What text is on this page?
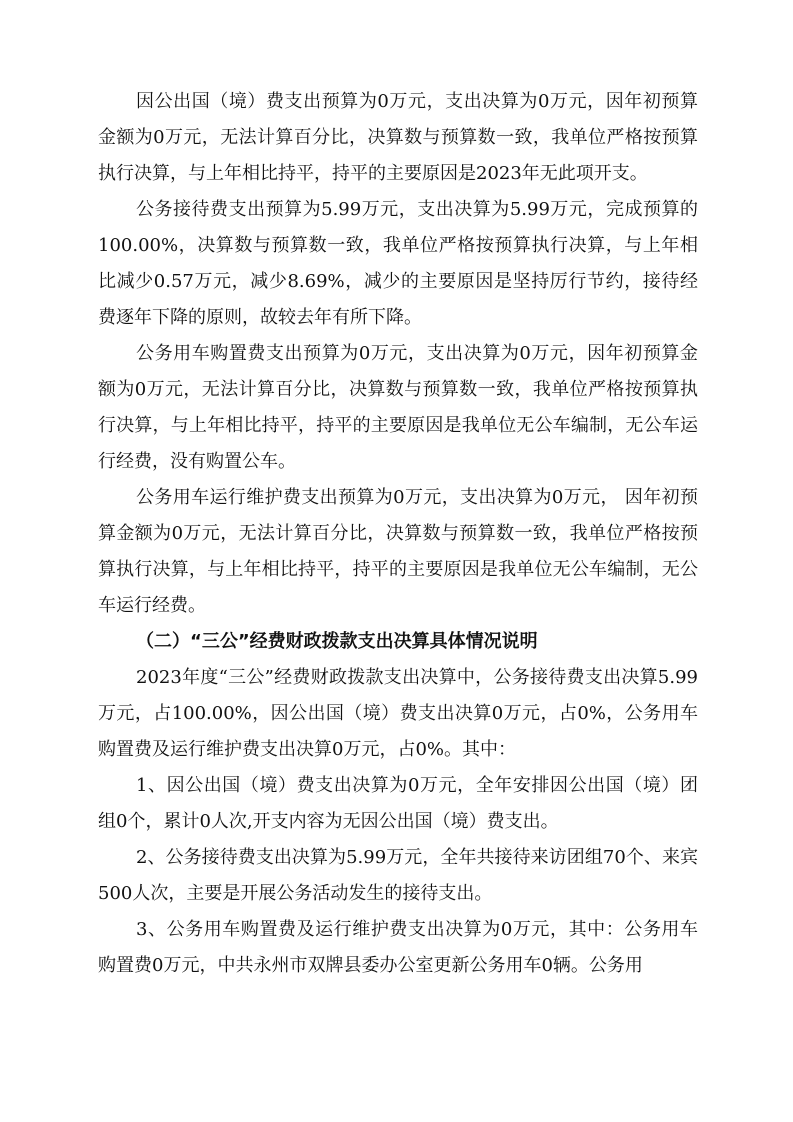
因公出国（境）费支出预算为0万元，支出决算为0万元，因年初预算金额为0万元，无法计算百分比，决算数与预算数一致，我单位严格按预算执行决算，与上年相比持平，持平的主要原因是2023年无此项开支。

公务接待费支出预算为5.99万元，支出决算为5.99万元，完成预算的100.00%，决算数与预算数一致，我单位严格按预算执行决算，与上年相比减少0.57万元，减少8.69%，减少的主要原因是坚持厉行节约，接待经费逐年下降的原则，故较去年有所下降。

公务用车购置费支出预算为0万元，支出决算为0万元，因年初预算金额为0万元，无法计算百分比，决算数与预算数一致，我单位严格按预算执行决算，与上年相比持平，持平的主要原因是我单位无公车编制，无公车运行经费，没有购置公车。

公务用车运行维护费支出预算为0万元，支出决算为0万元， 因年初预算金额为0万元，无法计算百分比，决算数与预算数一致，我单位严格按预算执行决算，与上年相比持平，持平的主要原因是我单位无公车编制，无公车运行经费。

（二）“三公”经费财政拨款支出决算具体情况说明

2023年度“三公”经费财政拨款支出决算中，公务接待费支出决算5.99万元，占100.00%，因公出国（境）费支出决算0万元，占0%，公务用车购置费及运行维护费支出决算0万元，占0%。其中：

1、因公出国（境）费支出决算为0万元，全年安排因公出国（境）团组0个，累计0人次,开支内容为无因公出国（境）费支出。

2、公务接待费支出决算为5.99万元，全年共接待来访团组70个、来宾500人次，主要是开展公务活动发生的接待支出。

3、公务用车购置费及运行维护费支出决算为0万元，其中：公务用车购置费0万元，中共永州市双牌县委办公室更新公务用车0辆。公务用
